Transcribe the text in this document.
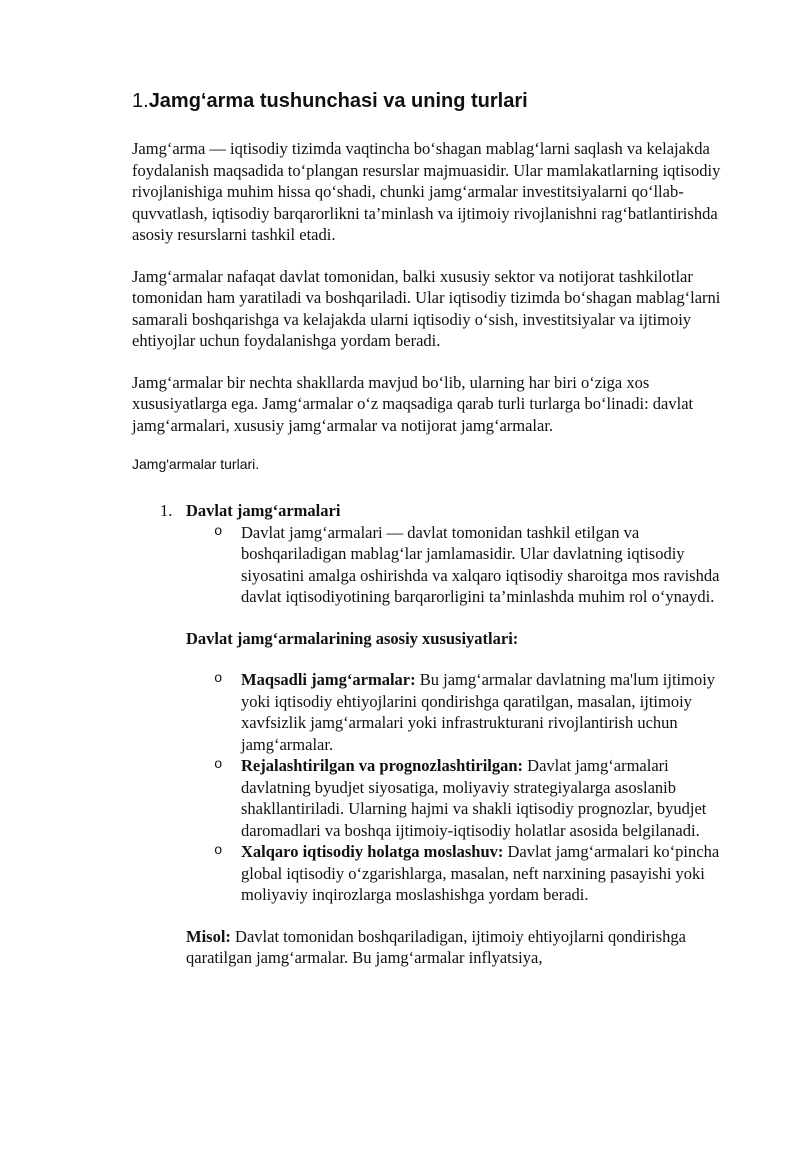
1.Jamg‘arma tushunchasi va uning turlari

Jamg‘arma — iqtisodiy tizimda vaqtincha bo‘shagan mablag‘larni saqlash va kelajakda foydalanish maqsadida to‘plangan resurslar majmuasidir. Ular mamlakatlarning iqtisodiy rivojlanishiga muhim hissa qo‘shadi, chunki jamg‘armalar investitsiyalarni qo‘llab-quvvatlash, iqtisodiy barqarorlikni ta’minlash va ijtimoiy rivojlanishni rag‘batlantirishda asosiy resurslarni tashkil etadi.

Jamg‘armalar nafaqat davlat tomonidan, balki xususiy sektor va notijorat tashkilotlar tomonidan ham yaratiladi va boshqariladi. Ular iqtisodiy tizimda bo‘shagan mablag‘larni samarali boshqarishga va kelajakda ularni iqtisodiy o‘sish, investitsiyalar va ijtimoiy ehtiyojlar uchun foydalanishga yordam beradi.

Jamg‘armalar bir nechta shakllarda mavjud bo‘lib, ularning har biri o‘ziga xos xususiyatlarga ega. Jamg‘armalar o‘z maqsadiga qarab turli turlarga bo‘linadi: davlat jamg‘armalari, xususiy jamg‘armalar va notijorat jamg‘armalar.

Jamg'armalar turlari.
1. Davlat jamg‘armalari
o Davlat jamg‘armalari — davlat tomonidan tashkil etilgan va boshqariladigan mablag‘lar jamlamasidir. Ular davlatning iqtisodiy siyosatini amalga oshirishda va xalqaro iqtisodiy sharoitga mos ravishda davlat iqtisodiyotining barqarorligini ta’minlashda muhim rol o‘ynaydi.
Davlat jamg‘armalarining asosiy xususiyatlari:
o Maqsadli jamg‘armalar: Bu jamg‘armalar davlatning ma'lum ijtimoiy yoki iqtisodiy ehtiyojlarini qondirishga qaratilgan, masalan, ijtimoiy xavfsizlik jamg‘armalari yoki infrastrukturani rivojlantirish uchun jamg‘armalar.
o Rejalashtirilgan va prognozlashtirilgan: Davlat jamg‘armalari davlatning byudjet siyosatiga, moliyaviy strategiyalarga asoslanib shakllantiriladi. Ularning hajmi va shakli iqtisodiy prognozlar, byudjet daromadlari va boshqa ijtimoiy-iqtisodiy holatlar asosida belgilanadi.
o Xalqaro iqtisodiy holatga moslashuv: Davlat jamg‘armalari ko‘pincha global iqtisodiy o‘zgarishlarga, masalan, neft narxining pasayishi yoki moliyaviy inqirozlarga moslashishga yordam beradi.
Misol: Davlat tomonidan boshqariladigan, ijtimoiy ehtiyojlarni qondirishga qaratilgan jamg‘armalar. Bu jamg‘armalar inflyatsiya,
